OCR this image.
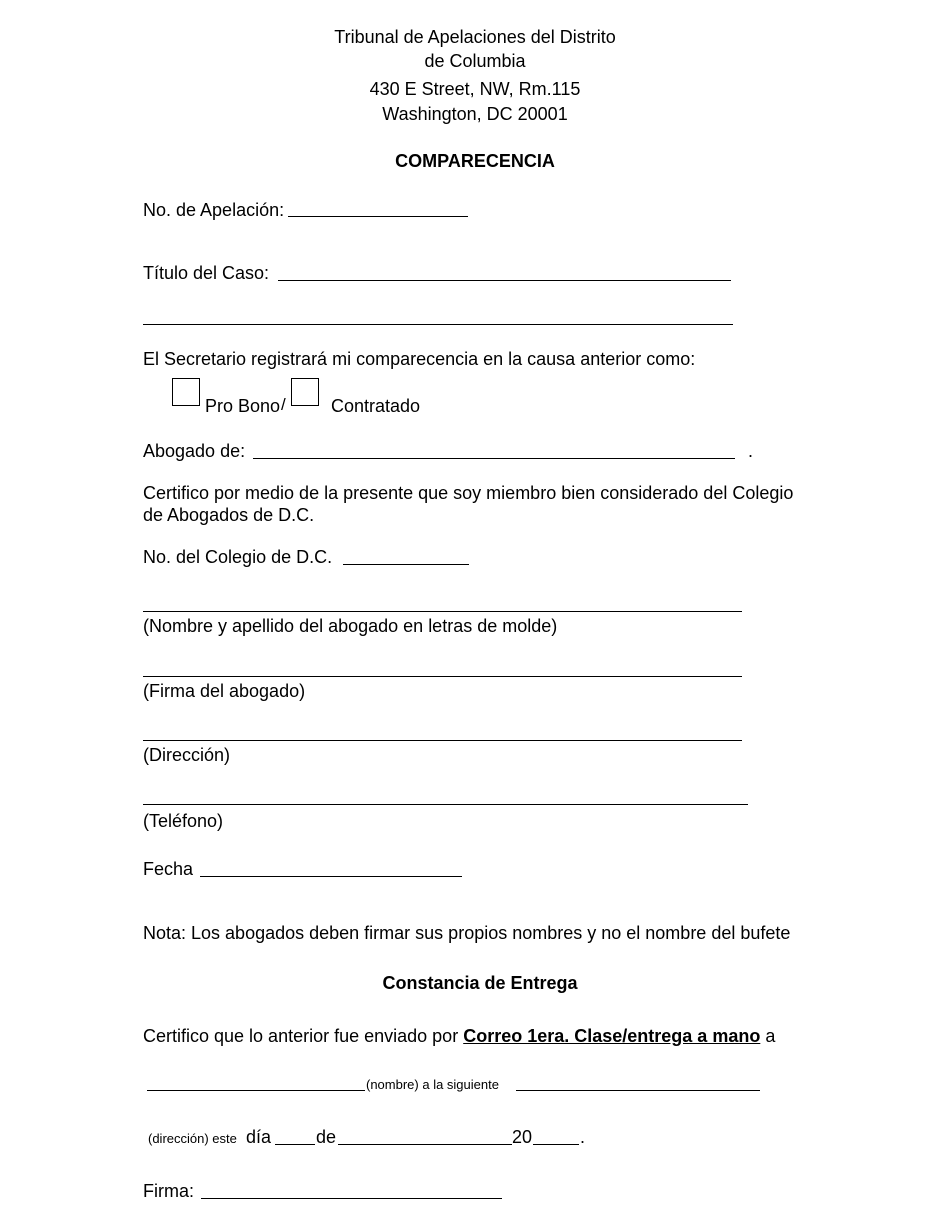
Tribunal de Apelaciones del Distrito
de Columbia
430 E Street, NW, Rm.115
Washington, DC 20001
COMPARECENCIA
No. de Apelación:
Título del Caso:
El Secretario registrará mi comparecencia en la causa anterior como:
Pro Bono /	Contratado
Abogado de:	.
Certifico por medio de la presente que soy miembro bien considerado del Colegio
de Abogados de D.C.
No. del Colegio de D.C.
(Nombre y apellido del abogado en letras de molde)
(Firma del abogado)
(Dirección)
(Teléfono)
Fecha
Nota: Los abogados deben firmar sus propios nombres y no el nombre del bufete
Constancia de Entrega
Certifico que lo anterior fue enviado por Correo 1era. Clase/entrega a mano a
(nombre) a la siguiente
(dirección) este día de	20	.
Firma:
